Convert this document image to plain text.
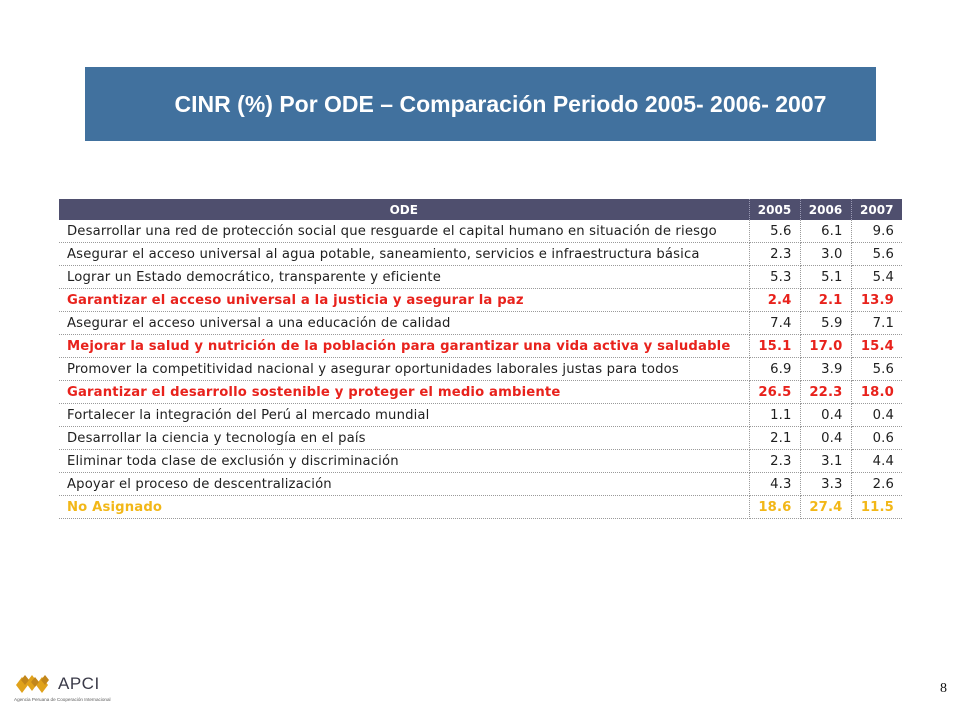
CINR (%) Por ODE – Comparación Periodo 2005- 2006- 2007
ODE	2005	2006	2007
Desarrollar una red de protección social que resguarde el capital humano en situación de riesgo	5.6	6.1	9.6
Asegurar el acceso universal al agua potable, saneamiento, servicios e infraestructura básica	2.3	3.0	5.6
Lograr un Estado democrático, transparente y eficiente	5.3	5.1	5.4
Garantizar el acceso universal a la justicia y asegurar la paz	2.4	2.1	13.9
Asegurar el acceso universal a una educación de calidad	7.4	5.9	7.1
Mejorar la salud y nutrición de la población para garantizar una vida activa y saludable	15.1	17.0	15.4
Promover la competitividad nacional y asegurar oportunidades laborales justas para todos	6.9	3.9	5.6
Garantizar el desarrollo sostenible y proteger el medio ambiente	26.5	22.3	18.0
Fortalecer la integración del Perú al mercado mundial	1.1	0.4	0.4
Desarrollar la ciencia y tecnología en el país	2.1	0.4	0.6
Eliminar toda clase de exclusión y discriminación	2.3	3.1	4.4
Apoyar el proceso de descentralización	4.3	3.3	2.6
No Asignado	18.6	27.4	11.5
APCI
Agencia Peruana de Cooperación Internacional
8
